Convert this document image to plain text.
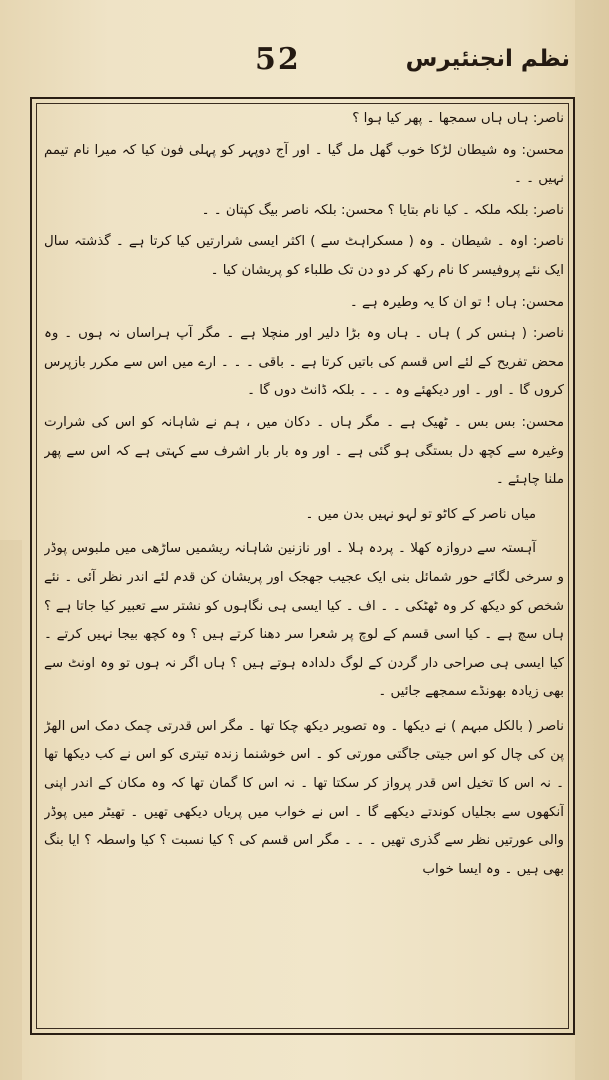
نظم انجنئیرس
52

ناصر: ہاں ہاں سمجھا ۔ پھر کیا ہوا ؟

محسن: وہ شیطان لڑکا خوب گھل مل گیا ۔ اور آج دوپہر کو پہلی فون کیا کہ میرا نام تیمم نہیں ۔ ۔

ناصر: بلکہ ملکہ ۔ کیا نام بتایا ؟ محسن: بلکہ ناصر بیگ کپتان ۔ ۔

ناصر: اوہ ۔ شیطان ۔ وہ ( مسکراہٹ سے ) اکثر ایسی شرارتیں کیا کرتا ہے ۔ گذشتہ سال ایک نئے پروفیسر کا نام رکھ کر دو دن تک طلباء کو پریشان کیا ۔

محسن: ہاں ! تو ان کا یہ وطیرہ ہے ۔

ناصر: ( ہنس کر ) ہاں ۔ ہاں وہ بڑا دلیر اور منچلا ہے ۔ مگر آپ ہراساں نہ ہوں ۔ وہ محض تفریح کے لئے اس قسم کی باتیں کرتا ہے ۔ باقی ۔ ۔ ۔ ارے میں اس سے مکرر بازپرس کروں گا ۔ اور ۔ اور دیکھئے وہ ۔ ۔ ۔ بلکہ ڈانٹ دوں گا ۔

محسن: بس بس ۔ ٹھیک ہے ۔ مگر ہاں ۔ دکان میں ، ہم نے شاہانہ کو اس کی شرارت وغیرہ سے کچھ دل بستگی ہو گئی ہے ۔ اور وہ بار بار اشرف سے کہتی ہے کہ اس سے پھر ملنا چاہئے ۔

میاں ناصر کے کاٹو تو لہو نہیں بدن میں ۔

آہستہ سے دروازہ کھلا ۔ پردہ ہلا ۔ اور نازنین شاہانہ ریشمیں ساڑھی میں ملبوس پوڈر و سرخی لگائے حور شمائل بنی ایک عجیب جھجک اور پریشان کن قدم لئے اندر نظر آئی ۔ نئے شخص کو دیکھ کر وہ ٹھٹکی ۔ ۔ اف ۔ کیا ایسی ہی نگاہوں کو نشتر سے تعبیر کیا جاتا ہے ؟ ہاں سچ ہے ۔ کیا اسی قسم کے لوچ پر شعرا سر دھنا کرتے ہیں ؟ وہ کچھ بیجا نہیں کرتے ۔ کیا ایسی ہی صراحی دار گردن کے لوگ دلدادہ ہوتے ہیں ؟ ہاں اگر نہ ہوں تو وہ اونٹ سے بھی زیادہ بھونڈے سمجھے جائیں ۔

ناصر ( بالکل مبہم ) نے دیکھا ۔ وہ تصویر دیکھ چکا تھا ۔ مگر اس قدرتی چمک دمک اس الھڑ پن کی چال کو اس جیتی جاگتی مورتی کو ۔ اس خوشنما زندہ تیتری کو اس نے کب دیکھا تھا ۔ نہ اس کا تخیل اس قدر پرواز کر سکتا تھا ۔ نہ اس کا گمان تھا کہ وہ مکان کے اندر اپنی آنکھوں سے بجلیاں کوندتے دیکھے گا ۔ اس نے خواب میں پریاں دیکھی تھیں ۔ تھیٹر میں پوڈر والی عورتیں نظر سے گذری تھیں ۔ ۔ ۔ مگر اس قسم کی ؟ کیا نسبت ؟ کیا واسطہ ؟ ایا بنگ بھی ہیں ۔ وہ ایسا خواب
